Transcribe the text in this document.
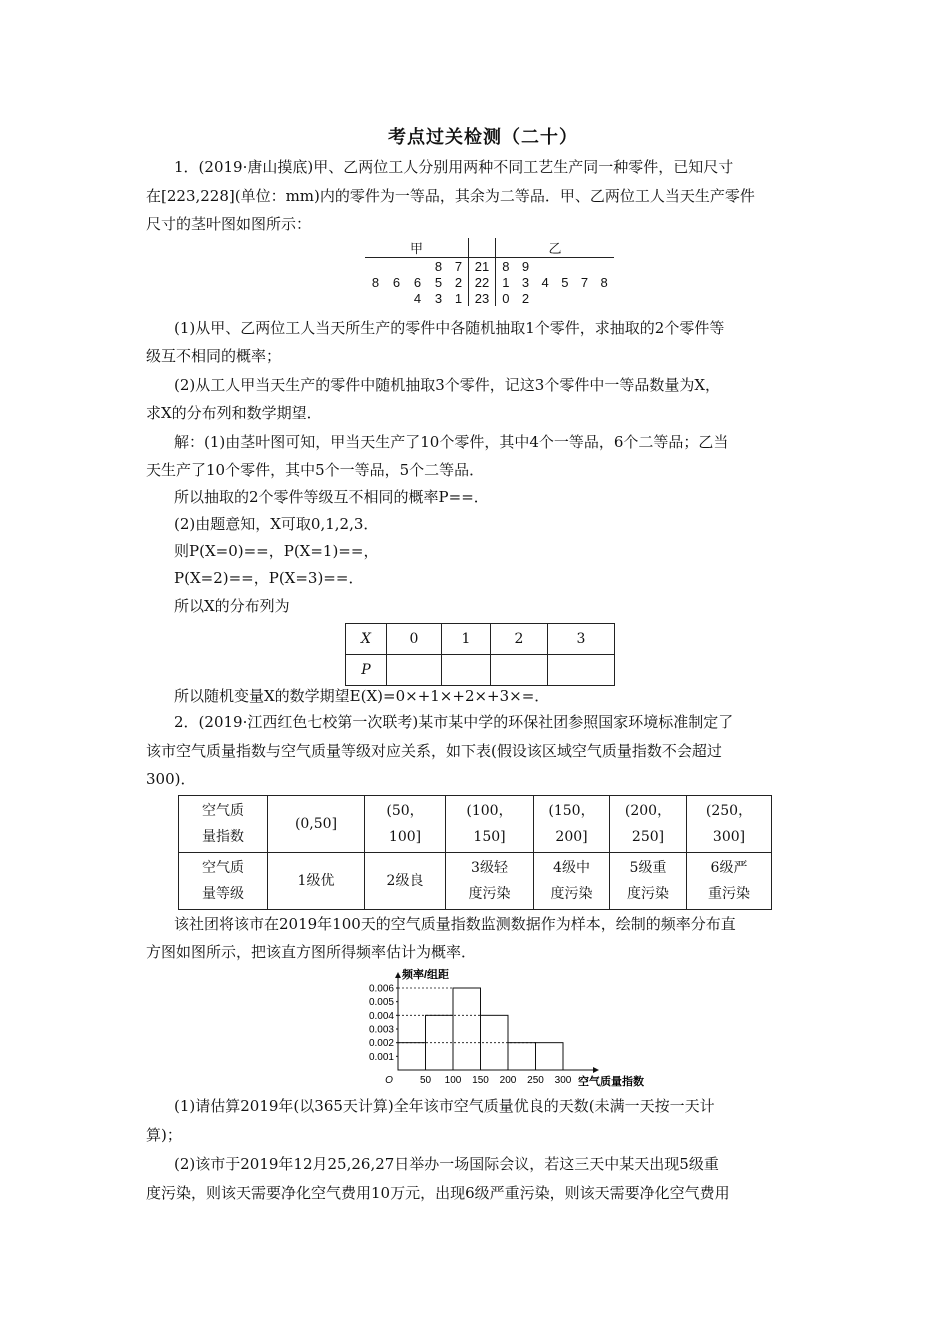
考点过关检测（二十）
1．(2019·唐山摸底)甲、乙两位工人分别用两种不同工艺生产同一种零件，已知尺寸
在[223,228](单位：mm)内的零件为一等品，其余为二等品．甲、乙两位工人当天生产零件
尺寸的茎叶图如图所示：
甲						乙					
			8	7	21	8	9				
8	6	6	5	2	22	1	3	4	5	7	8
		4	3	1	23	0	2				
(1)从甲、乙两位工人当天所生产的零件中各随机抽取1个零件，求抽取的2个零件等
级互不相同的概率；
(2)从工人甲当天生产的零件中随机抽取3个零件，记这3个零件中一等品数量为X，
求X的分布列和数学期望．
解：(1)由茎叶图可知，甲当天生产了10个零件，其中4个一等品，6个二等品；乙当
天生产了10个零件，其中5个一等品，5个二等品．
所以抽取的2个零件等级互不相同的概率P==．
(2)由题意知，X可取0,1,2,3．
则P(X=0)==，P(X=1)==，
P(X=2)==，P(X=3)==．
所以X的分布列为
X	0	1	2	3
P				
所以随机变量X的数学期望E(X)=0×+1×+2×+3×=．
2．(2019·江西红色七校第一次联考)某市某中学的环保社团参照国家环境标准制定了
该市空气质量指数与空气质量等级对应关系，如下表(假设该区域空气质量指数不会超过
300)．
空气质
量指数	(0,50]	(50，
100]	(100，
150]	(150，
200]	(200，
250]	(250，
300]
空气质
量等级	1级优	2级良	3级轻
度污染	4级中
度污染	5级重
度污染	6级严
重污染
该社团将该市在2019年100天的空气质量指数监测数据作为样本，绘制的频率分布直
方图如图所示，把该直方图所得频率估计为概率．
0.006
0.005
0.004
0.003
0.002
0.001
50 100 150 200 250 300
O
频率/组距
空气质量指数
(1)请估算2019年(以365天计算)全年该市空气质量优良的天数(未满一天按一天计
算)；
(2)该市于2019年12月25,26,27日举办一场国际会议，若这三天中某天出现5级重
度污染，则该天需要净化空气费用10万元，出现6级严重污染，则该天需要净化空气费用
